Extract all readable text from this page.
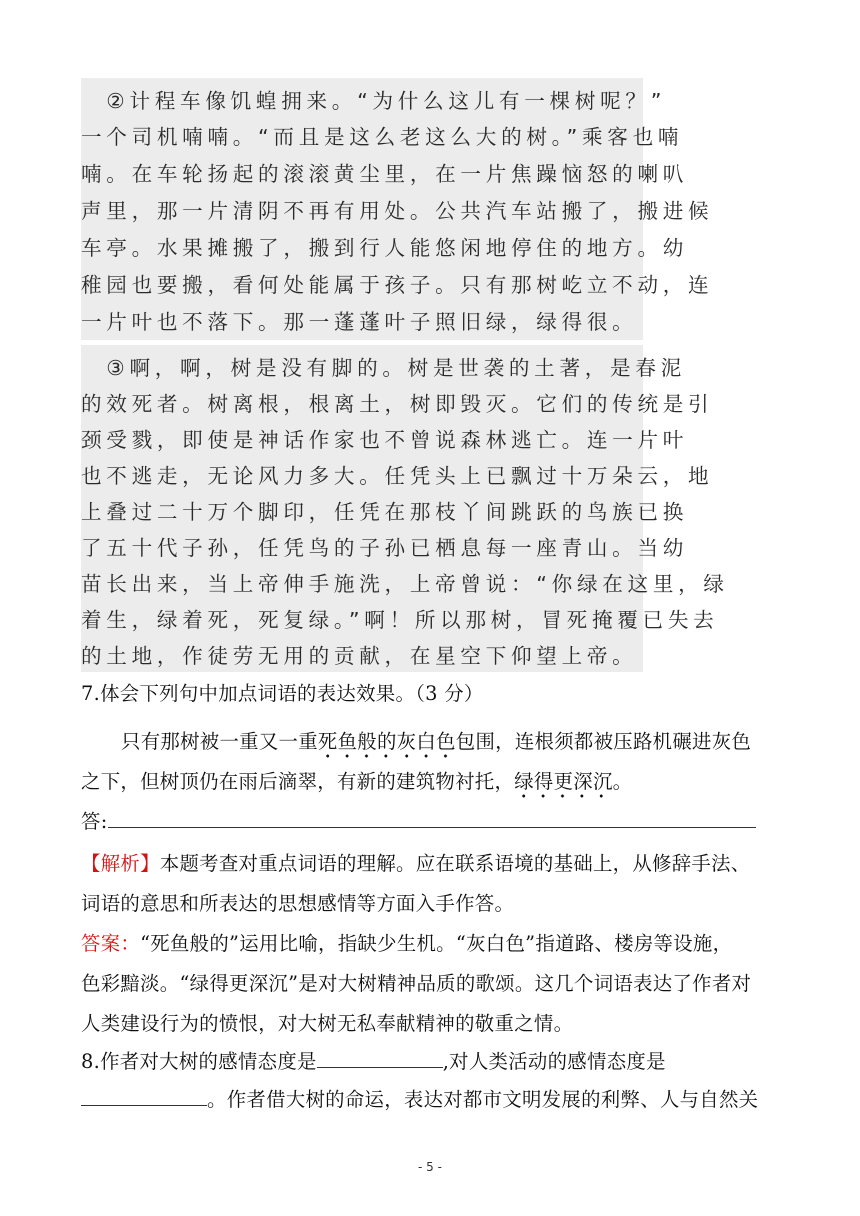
　②计程车像饥蝗拥来。“为什么这儿有一棵树呢？”
一个司机喃喃。“而且是这么老这么大的树。”乘客也喃
喃。在车轮扬起的滚滚黄尘里，在一片焦躁恼怒的喇叭
声里，那一片清阴不再有用处。公共汽车站搬了，搬进候
车亭。水果摊搬了，搬到行人能悠闲地停住的地方。幼
稚园也要搬，看何处能属于孩子。只有那树屹立不动，连
一片叶也不落下。那一蓬蓬叶子照旧绿，绿得很。
　③啊，啊，树是没有脚的。树是世袭的土著，是春泥
的效死者。树离根，根离土，树即毁灭。它们的传统是引
颈受戮，即使是神话作家也不曾说森林逃亡。连一片叶
也不逃走，无论风力多大。任凭头上已飘过十万朵云，地
上叠过二十万个脚印，任凭在那枝丫间跳跃的鸟族已换
了五十代子孙，任凭鸟的子孙已栖息每一座青山。当幼
苗长出来，当上帝伸手施洗，上帝曾说：“你绿在这里，绿
着生，绿着死，死复绿。”啊！所以那树，冒死掩覆已失去
的土地，作徒劳无用的贡献，在星空下仰望上帝。
7.体会下列句中加点词语的表达效果。（3 分）
只有那树被一重又一重死鱼般的灰白色包围，连根须都被压路机碾进灰色
之下，但树顶仍在雨后滴翠，有新的建筑物衬托，绿得更深沉。
答:
【解析】本题考查对重点词语的理解。应在联系语境的基础上，从修辞手法、
词语的意思和所表达的思想感情等方面入手作答。
答案：“死鱼般的”运用比喻，指缺少生机。“灰白色”指道路、楼房等设施，
色彩黯淡。“绿得更深沉”是对大树精神品质的歌颂。这几个词语表达了作者对
人类建设行为的愤恨，对大树无私奉献精神的敬重之情。
8.作者对大树的感情态度是	,对人类活动的感情态度是
。作者借大树的命运，表达对都市文明发展的利弊、人与自然关
- 5 -
